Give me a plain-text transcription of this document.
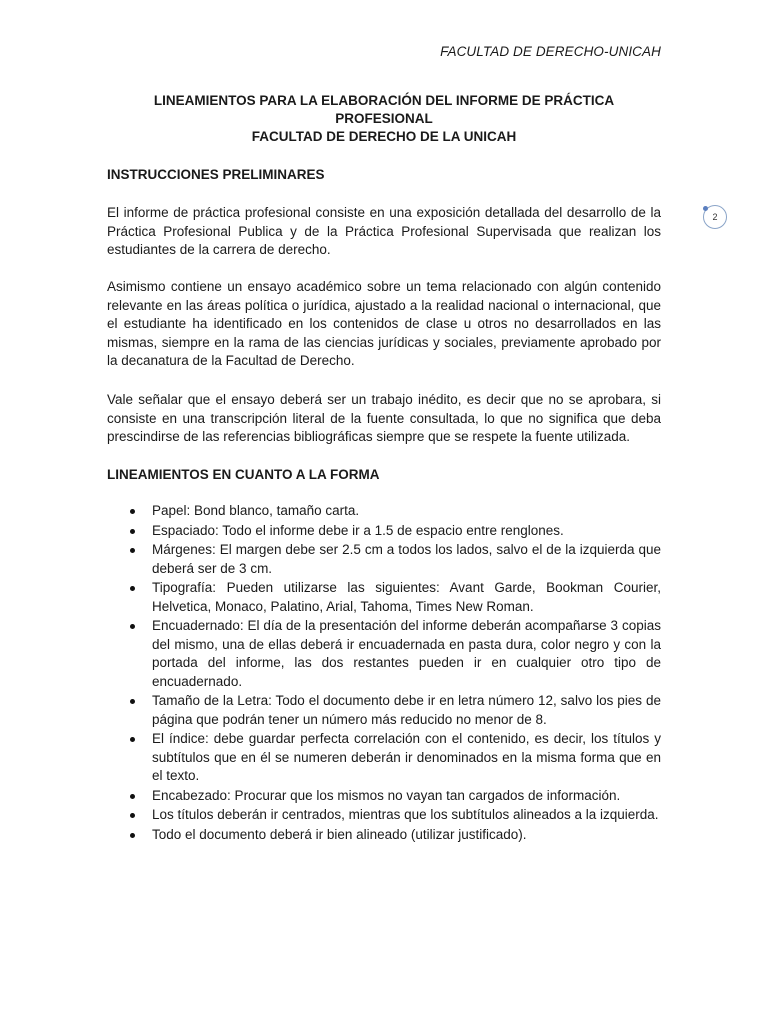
FACULTAD DE DERECHO-UNICAH
LINEAMIENTOS PARA LA ELABORACIÓN DEL INFORME DE PRÁCTICA
PROFESIONAL
FACULTAD DE DERECHO DE LA UNICAH
2
INSTRUCCIONES PRELIMINARES

El informe de práctica profesional consiste en una exposición detallada del desarrollo de la Práctica Profesional Publica y de la Práctica Profesional Supervisada que realizan los estudiantes de la carrera de derecho.

Asimismo contiene un ensayo académico sobre un tema relacionado con algún contenido relevante en las áreas política o jurídica, ajustado a la realidad nacional o internacional, que el estudiante ha identificado en los contenidos de clase u otros no desarrollados en las mismas, siempre en la rama de las ciencias jurídicas y sociales, previamente aprobado por la decanatura de la Facultad de Derecho.

Vale señalar que el ensayo deberá ser un trabajo inédito, es decir que no se aprobara, si consiste en una transcripción literal de la fuente consultada, lo que no significa que deba prescindirse de las referencias bibliográficas siempre que se respete la fuente utilizada.

LINEAMIENTOS EN CUANTO A LA FORMA
Papel: Bond blanco, tamaño carta.
Espaciado: Todo el informe debe ir a 1.5 de espacio entre renglones.
Márgenes: El margen debe ser 2.5 cm a todos los lados, salvo el de la izquierda que deberá ser de 3 cm.
Tipografía: Pueden utilizarse las siguientes: Avant Garde, Bookman Courier, Helvetica, Monaco, Palatino, Arial, Tahoma, Times New Roman.
Encuadernado: El día de la presentación del informe deberán acompañarse 3 copias del mismo, una de ellas deberá ir encuadernada en pasta dura, color negro y con la portada del informe, las dos restantes pueden ir en cualquier otro tipo de encuadernado.
Tamaño de la Letra: Todo el documento debe ir en letra número 12, salvo los pies de página que podrán tener un número más reducido no menor de 8.
El índice: debe guardar perfecta correlación con el contenido, es decir, los títulos y subtítulos que en él se numeren deberán ir denominados en la misma forma que en el texto.
Encabezado: Procurar que los mismos no vayan tan cargados de información.
Los títulos deberán ir centrados, mientras que los subtítulos alineados a la izquierda.
Todo el documento deberá ir bien alineado (utilizar justificado).
